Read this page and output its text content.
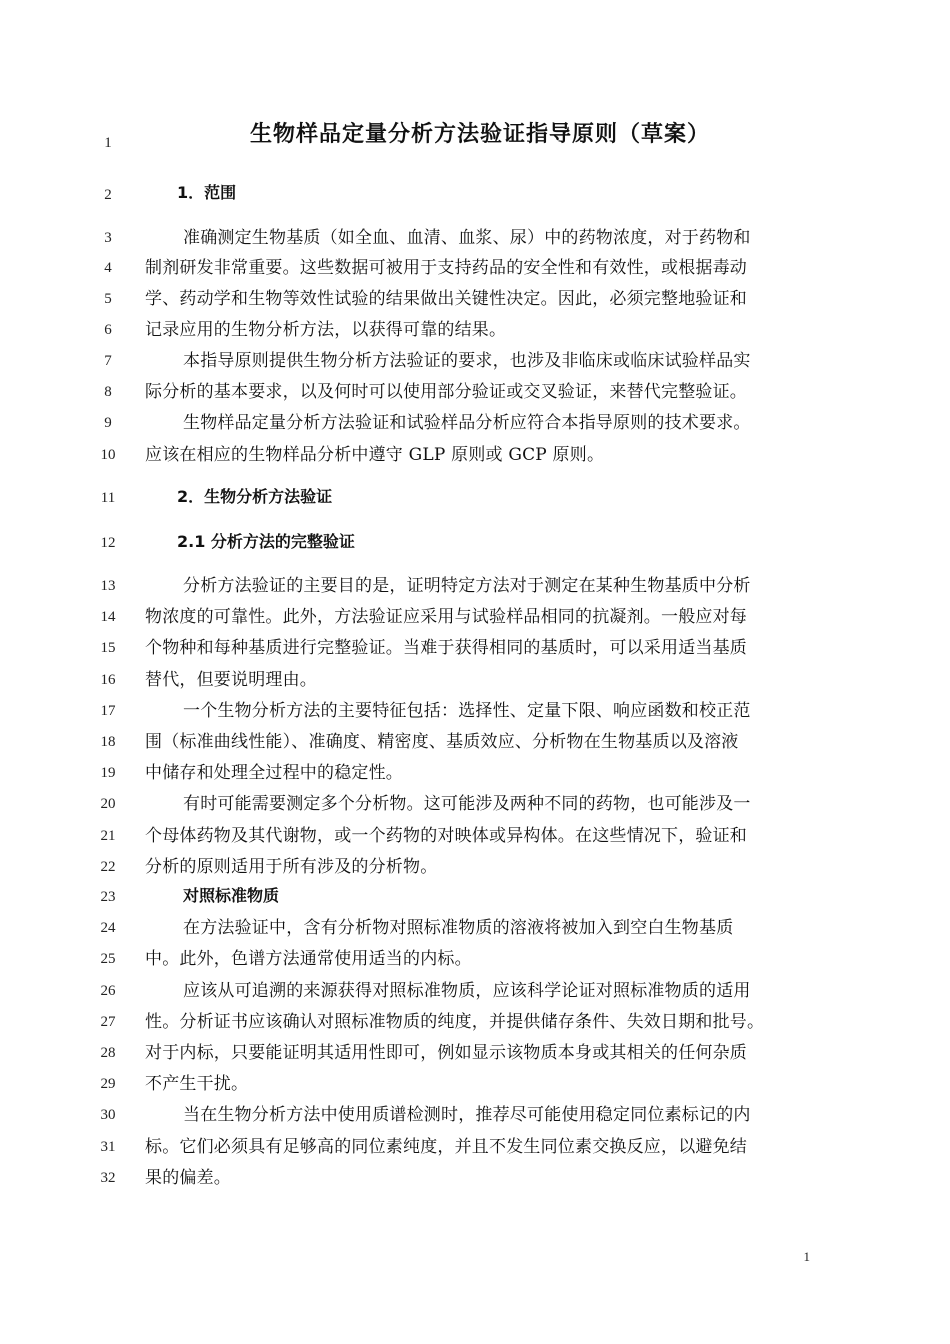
1
2
3
4
5
6
7
8
9
10
11
12
13
14
15
16
17
18
19
20
21
22
23
24
25
26
27
28
29
30
31
32
生物样品定量分析方法验证指导原则（草案）
1．范围
准确测定生物基质（如全血、血清、血浆、尿）中的药物浓度，对于药物和
制剂研发非常重要。这些数据可被用于支持药品的安全性和有效性，或根据毒动
学、药动学和生物等效性试验的结果做出关键性决定。因此，必须完整地验证和
记录应用的生物分析方法，以获得可靠的结果。
本指导原则提供生物分析方法验证的要求，也涉及非临床或临床试验样品实
际分析的基本要求，以及何时可以使用部分验证或交叉验证，来替代完整验证。
生物样品定量分析方法验证和试验样品分析应符合本指导原则的技术要求。
应该在相应的生物样品分析中遵守 GLP 原则或 GCP 原则。
2．生物分析方法验证
2.1 分析方法的完整验证
分析方法验证的主要目的是，证明特定方法对于测定在某种生物基质中分析
物浓度的可靠性。此外，方法验证应采用与试验样品相同的抗凝剂。一般应对每
个物种和每种基质进行完整验证。当难于获得相同的基质时，可以采用适当基质
替代，但要说明理由。
一个生物分析方法的主要特征包括：选择性、定量下限、响应函数和校正范
围（标准曲线性能）、准确度、精密度、基质效应、分析物在生物基质以及溶液
中储存和处理全过程中的稳定性。
有时可能需要测定多个分析物。这可能涉及两种不同的药物，也可能涉及一
个母体药物及其代谢物，或一个药物的对映体或异构体。在这些情况下，验证和
分析的原则适用于所有涉及的分析物。
对照标准物质
在方法验证中，含有分析物对照标准物质的溶液将被加入到空白生物基质
中。此外，色谱方法通常使用适当的内标。
应该从可追溯的来源获得对照标准物质，应该科学论证对照标准物质的适用
性。分析证书应该确认对照标准物质的纯度，并提供储存条件、失效日期和批号。
对于内标，只要能证明其适用性即可，例如显示该物质本身或其相关的任何杂质
不产生干扰。
当在生物分析方法中使用质谱检测时，推荐尽可能使用稳定同位素标记的内
标。它们必须具有足够高的同位素纯度，并且不发生同位素交换反应，以避免结
果的偏差。
1
